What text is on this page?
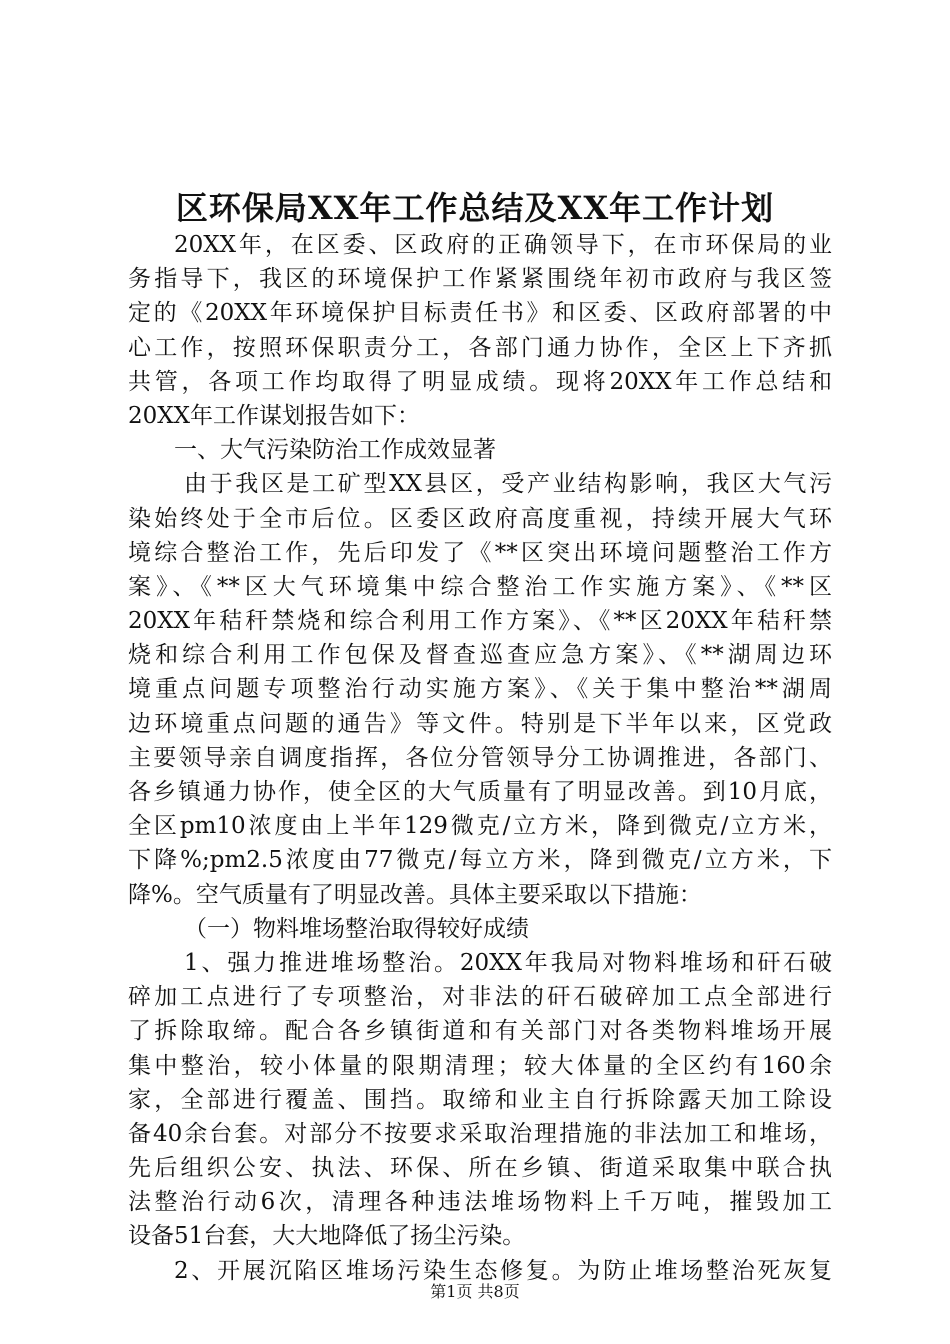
区环保局XX年工作总结及XX年工作计划
20XX年，在区委、区政府的正确领导下，在市环保局的业
务指导下，我区的环境保护工作紧紧围绕年初市政府与我区签
定的《20XX年环境保护目标责任书》和区委、区政府部署的中
心工作，按照环保职责分工，各部门通力协作，全区上下齐抓
共管，各项工作均取得了明显成绩。现将20XX年工作总结和
20XX年工作谋划报告如下：
一、大气污染防治工作成效显著
由于我区是工矿型XX县区，受产业结构影响，我区大气污
染始终处于全市后位。区委区政府高度重视，持续开展大气环
境综合整治工作，先后印发了《**区突出环境问题整治工作方
案》、《**区大气环境集中综合整治工作实施方案》、《**区
20XX年秸秆禁烧和综合利用工作方案》、《**区20XX年秸秆禁
烧和综合利用工作包保及督查巡查应急方案》、《**湖周边环
境重点问题专项整治行动实施方案》、《关于集中整治**湖周
边环境重点问题的通告》等文件。特别是下半年以来，区党政
主要领导亲自调度指挥，各位分管领导分工协调推进，各部门、
各乡镇通力协作，使全区的大气质量有了明显改善。到10月底，
全区pm10浓度由上半年129微克/立方米，降到微克/立方米，
下降%;pm2.5浓度由77微克/每立方米，降到微克/立方米，下
降%。空气质量有了明显改善。具体主要采取以下措施：
（一）物料堆场整治取得较好成绩
1、强力推进堆场整治。20XX年我局对物料堆场和矸石破
碎加工点进行了专项整治，对非法的矸石破碎加工点全部进行
了拆除取缔。配合各乡镇街道和有关部门对各类物料堆场开展
集中整治，较小体量的限期清理；较大体量的全区约有160余
家，全部进行覆盖、围挡。取缔和业主自行拆除露天加工除设
备40余台套。对部分不按要求采取治理措施的非法加工和堆场，
先后组织公安、执法、环保、所在乡镇、街道采取集中联合执
法整治行动6次，清理各种违法堆场物料上千万吨，摧毁加工
设备51台套，大大地降低了扬尘污染。
2、开展沉陷区堆场污染生态修复。为防止堆场整治死灰复
第1页 共8页
